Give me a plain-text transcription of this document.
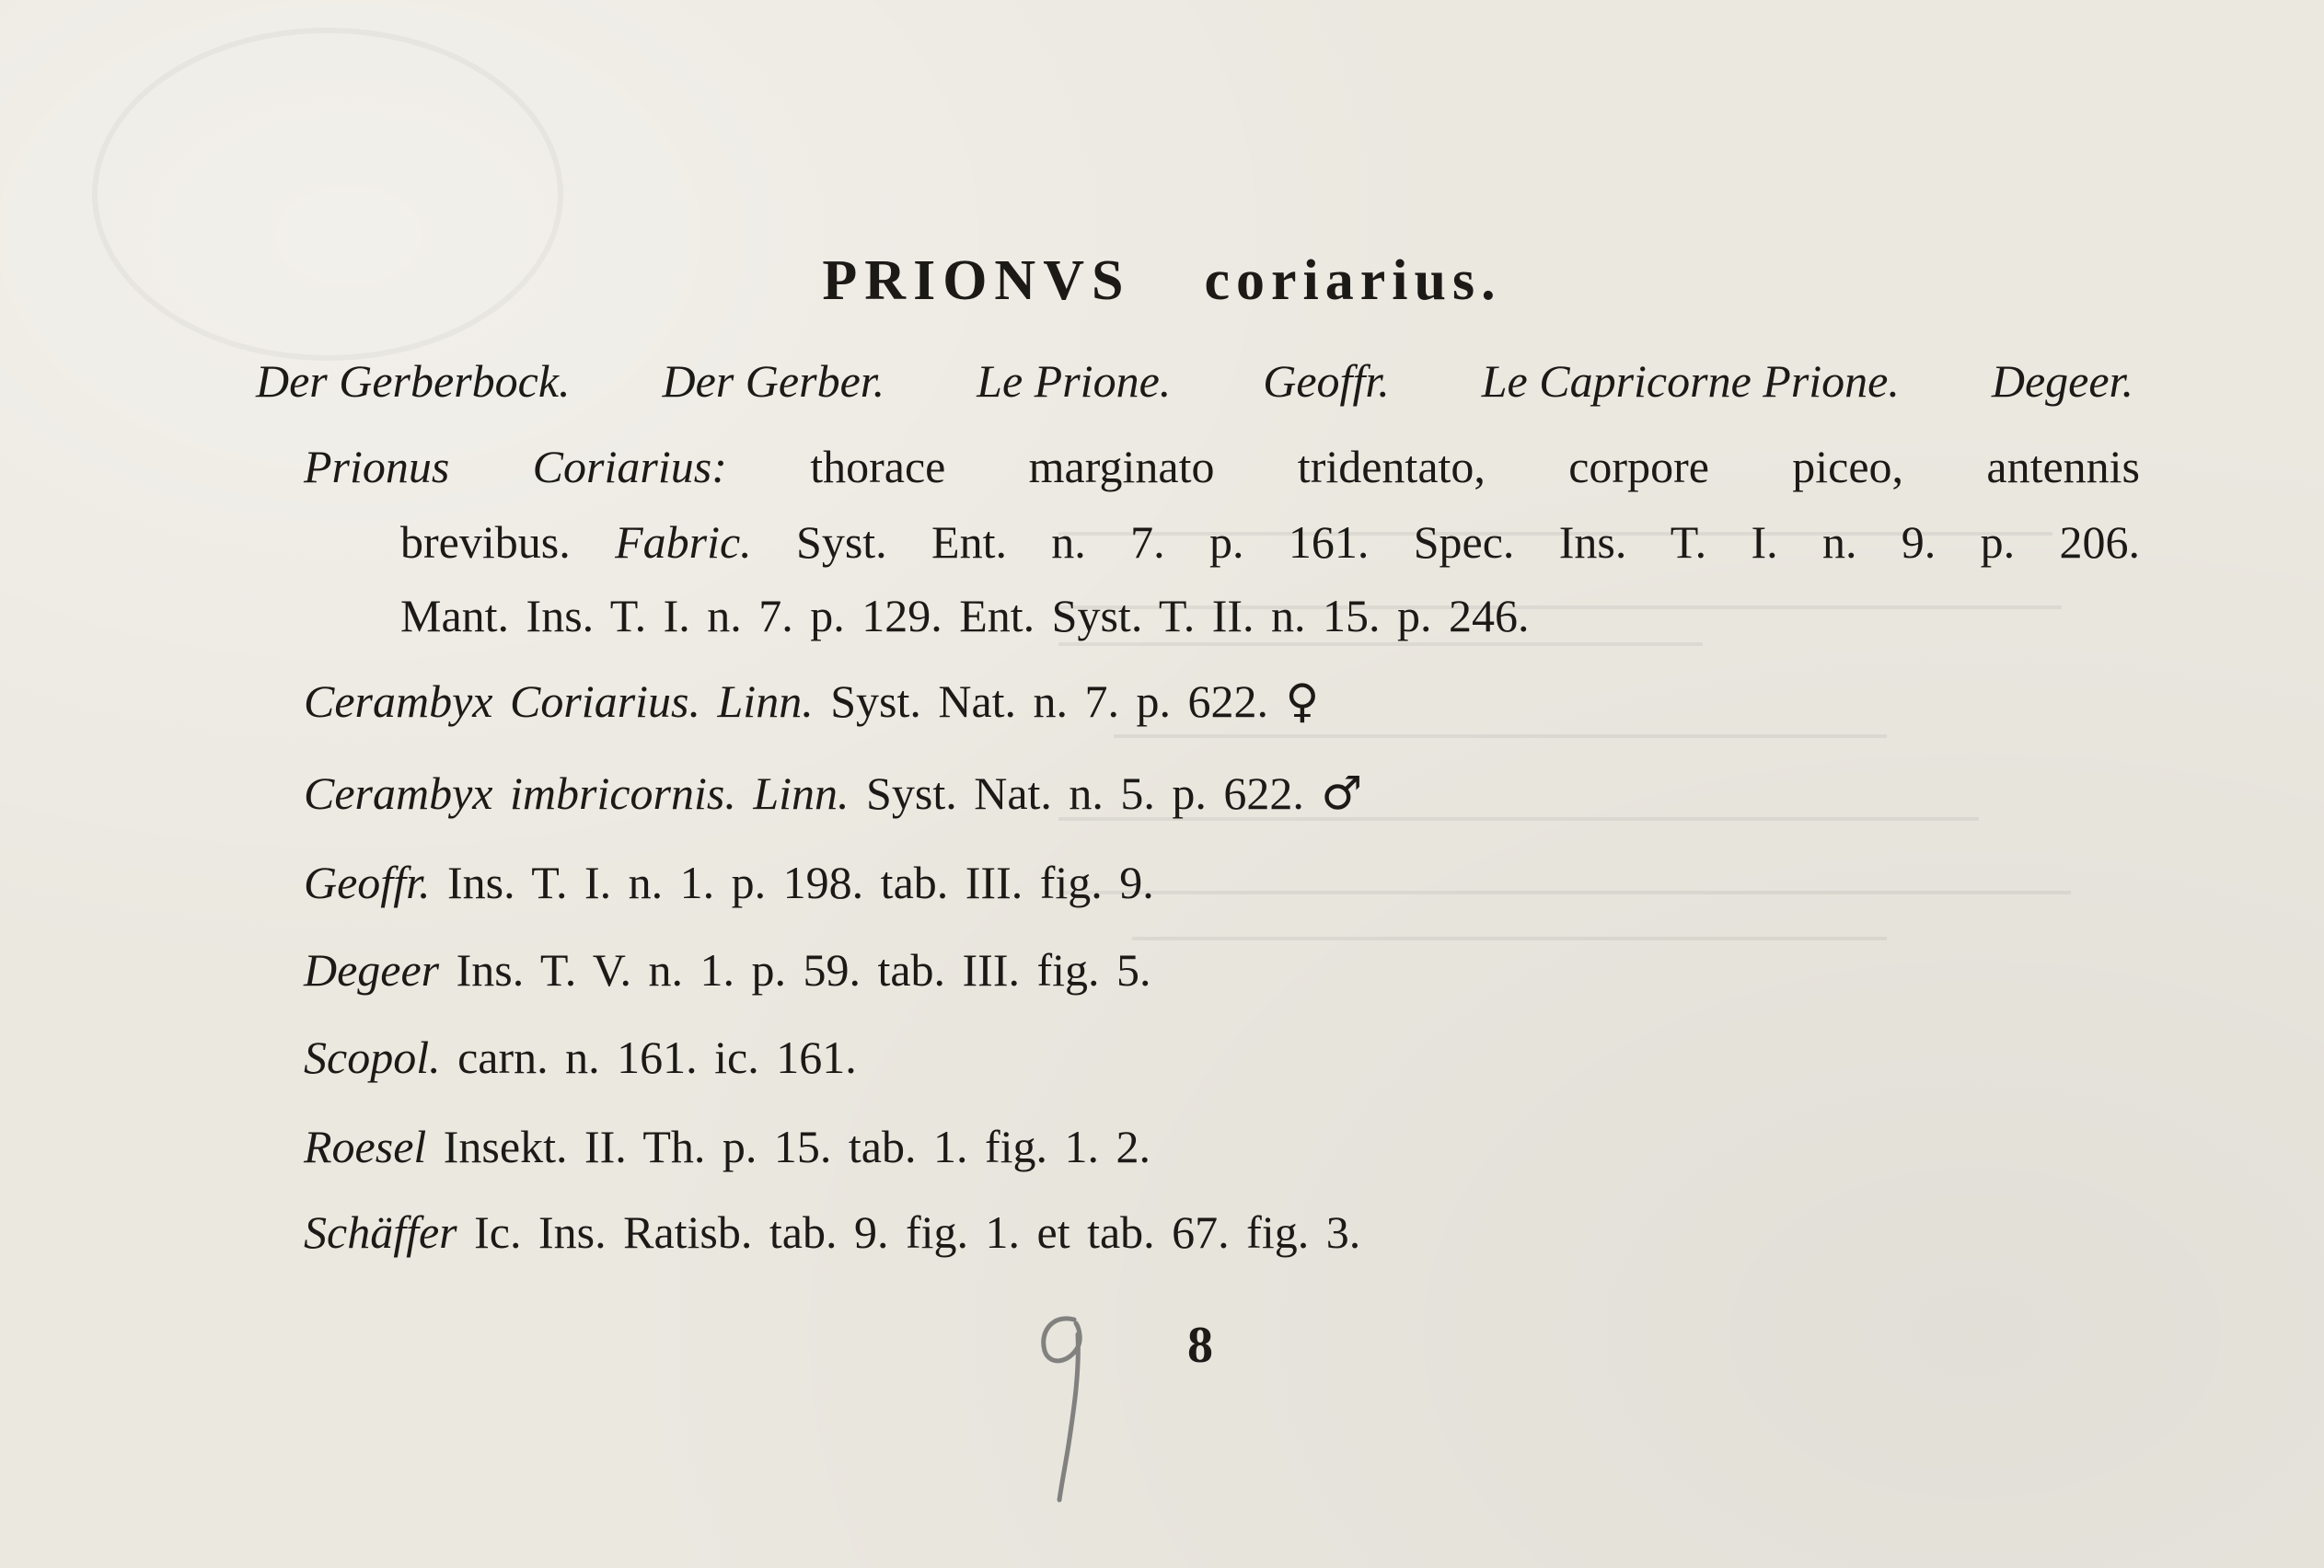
PRIONVS coriarius.
Der Gerberbock. Der Gerber. Le Prione. Geoffr. Le Capricorne Prione. Degeer.

Prionus Coriarius: thorace marginato tridentato, corpore piceo, antennis

brevibus. Fabric. Syst. Ent. n. 7. p. 161. Spec. Ins. T. I. n. 9. p. 206.

Mant. Ins. T. I. n. 7. p. 129. Ent. Syst. T. II. n. 15. p. 246.

Cerambyx Coriarius. Linn. Syst. Nat. n. 7. p. 622. ♀

Cerambyx imbricornis. Linn. Syst. Nat. n. 5. p. 622. ♂

Geoffr. Ins. T. I. n. 1. p. 198. tab. III. fig. 9.

Degeer Ins. T. V. n. 1. p. 59. tab. III. fig. 5.

Scopol. carn. n. 161. ic. 161.

Roesel Insekt. II. Th. p. 15. tab. 1. fig. 1. 2.

Schäffer Ic. Ins. Ratisb. tab. 9. fig. 1. et tab. 67. fig. 3.

8
